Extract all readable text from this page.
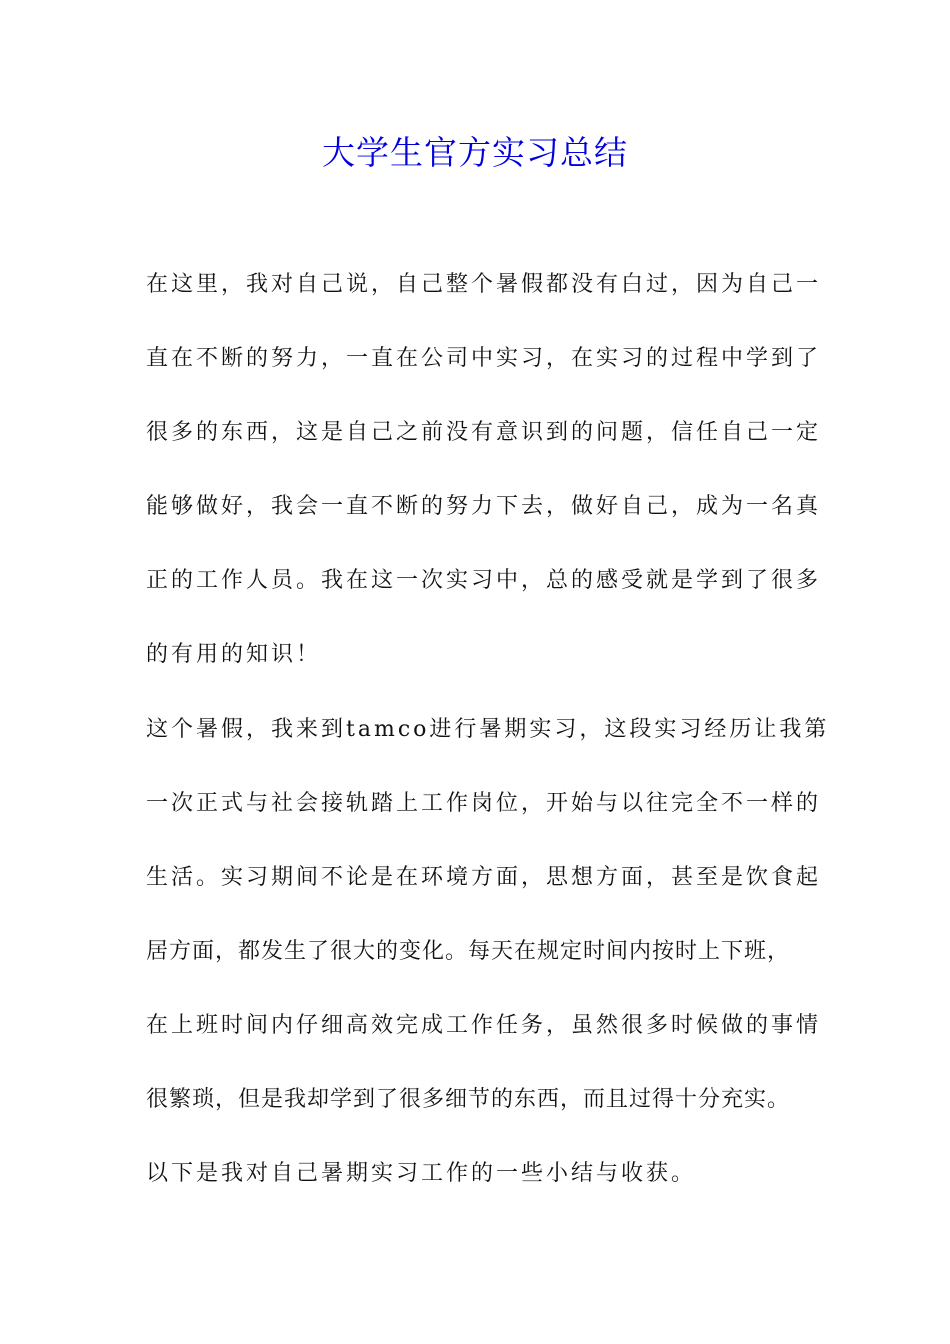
大学生官方实习总结
在这里，我对自己说，自己整个暑假都没有白过，因为自己一
直在不断的努力，一直在公司中实习，在实习的过程中学到了
很多的东西，这是自己之前没有意识到的问题，信任自己一定
能够做好，我会一直不断的努力下去，做好自己，成为一名真
正的工作人员。我在这一次实习中，总的感受就是学到了很多
的有用的知识！
这个暑假，我来到tamco进行暑期实习，这段实习经历让我第
一次正式与社会接轨踏上工作岗位，开始与以往完全不一样的
生活。实习期间不论是在环境方面，思想方面，甚至是饮食起
居方面，都发生了很大的变化。每天在规定时间内按时上下班，
在上班时间内仔细高效完成工作任务，虽然很多时候做的事情
很繁琐，但是我却学到了很多细节的东西，而且过得十分充实。
以下是我对自己暑期实习工作的一些小结与收获。
